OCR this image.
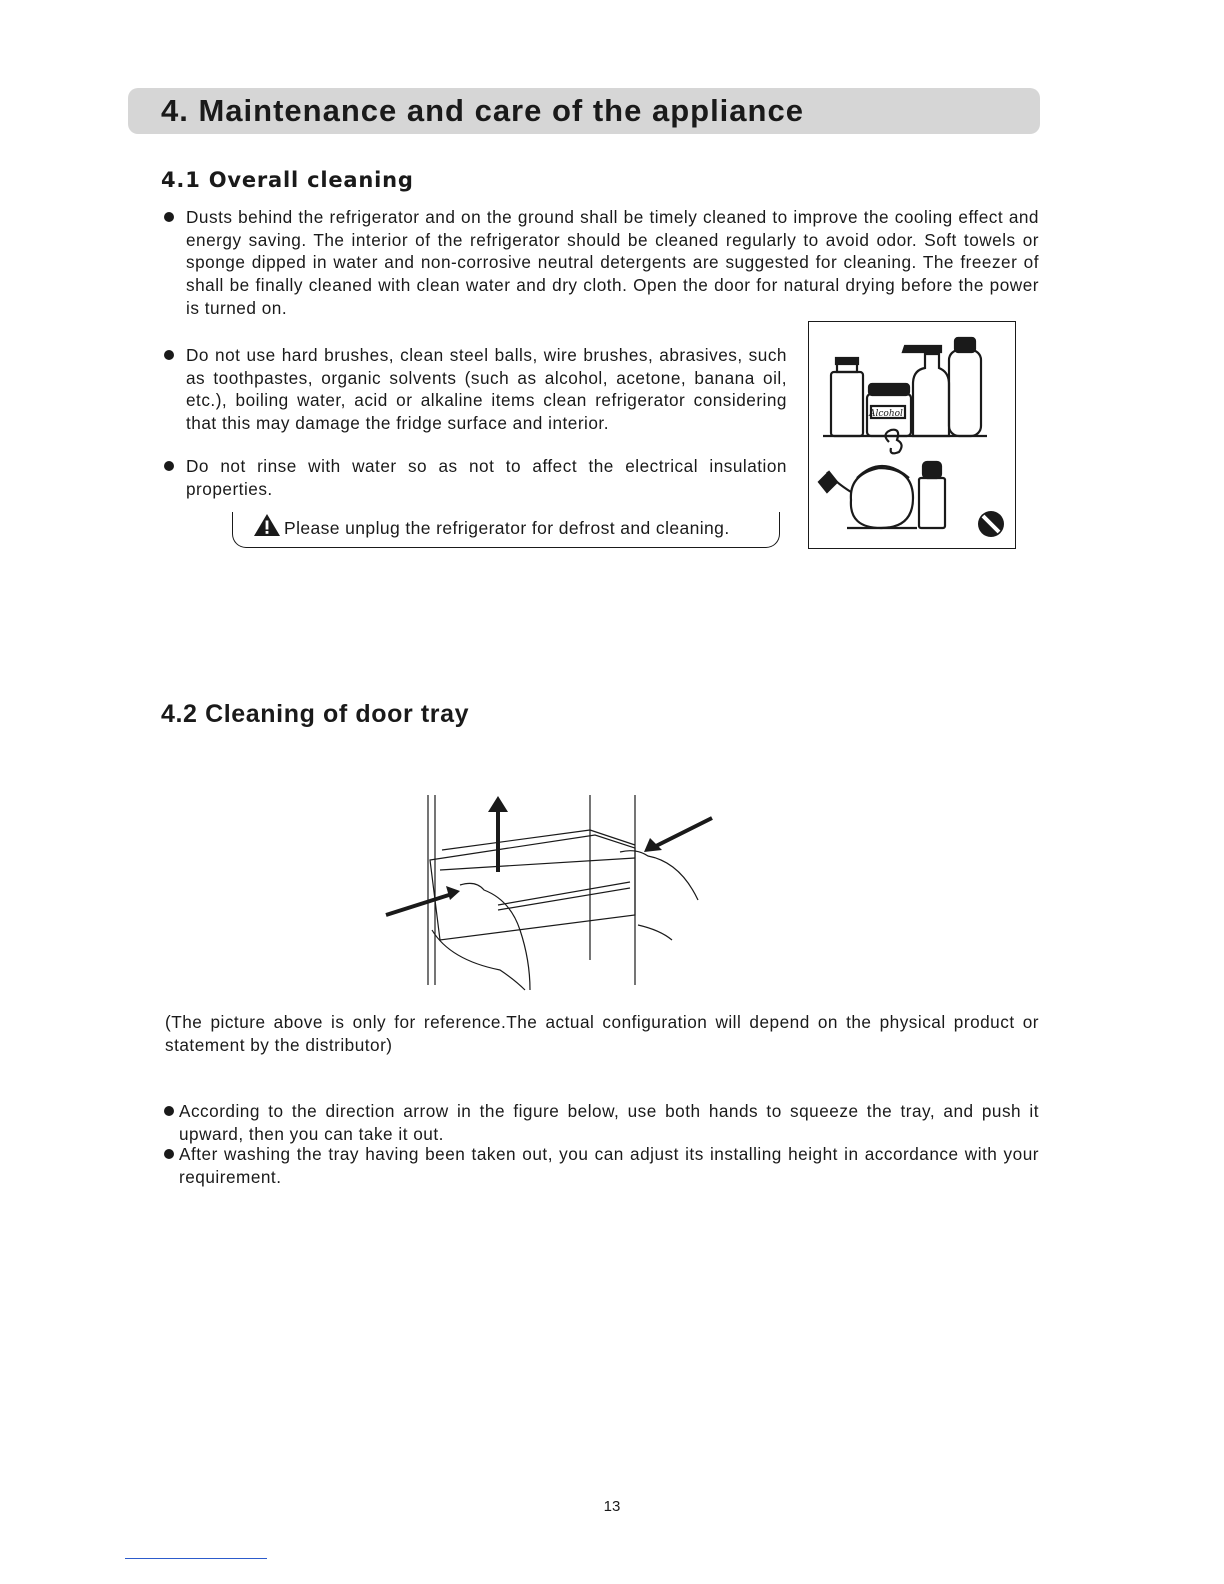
4. Maintenance and care of the appliance
4.1 Overall cleaning

Dusts behind the refrigerator and on the ground shall be timely cleaned to improve the cooling effect and energy saving. The interior of the refrigerator should be cleaned regularly to avoid odor. Soft towels or sponge dipped in water and non-corrosive neutral detergents are suggested for cleaning. The freezer of shall be finally cleaned with clean water and dry cloth. Open the door for natural drying before the power is turned on.

Do not use hard brushes, clean steel balls, wire brushes, abrasives, such as toothpastes, organic solvents (such as alcohol, acetone, banana oil, etc.), boiling water, acid or alkaline items clean refrigerator considering that this may damage the fridge surface and interior.

Do not rinse with water so as not to affect the electrical insulation properties.

Please unplug the refrigerator for defrost and cleaning.

Alcohol
4.2 Cleaning of door tray

(The picture above is only for reference.The actual configuration will depend on the physical product or statement by the distributor)

According to the direction arrow in the figure below, use both hands to squeeze the tray, and push it upward, then you can take it out.

After washing the tray having been taken out, you can adjust its installing height in accordance with your requirement.

13
